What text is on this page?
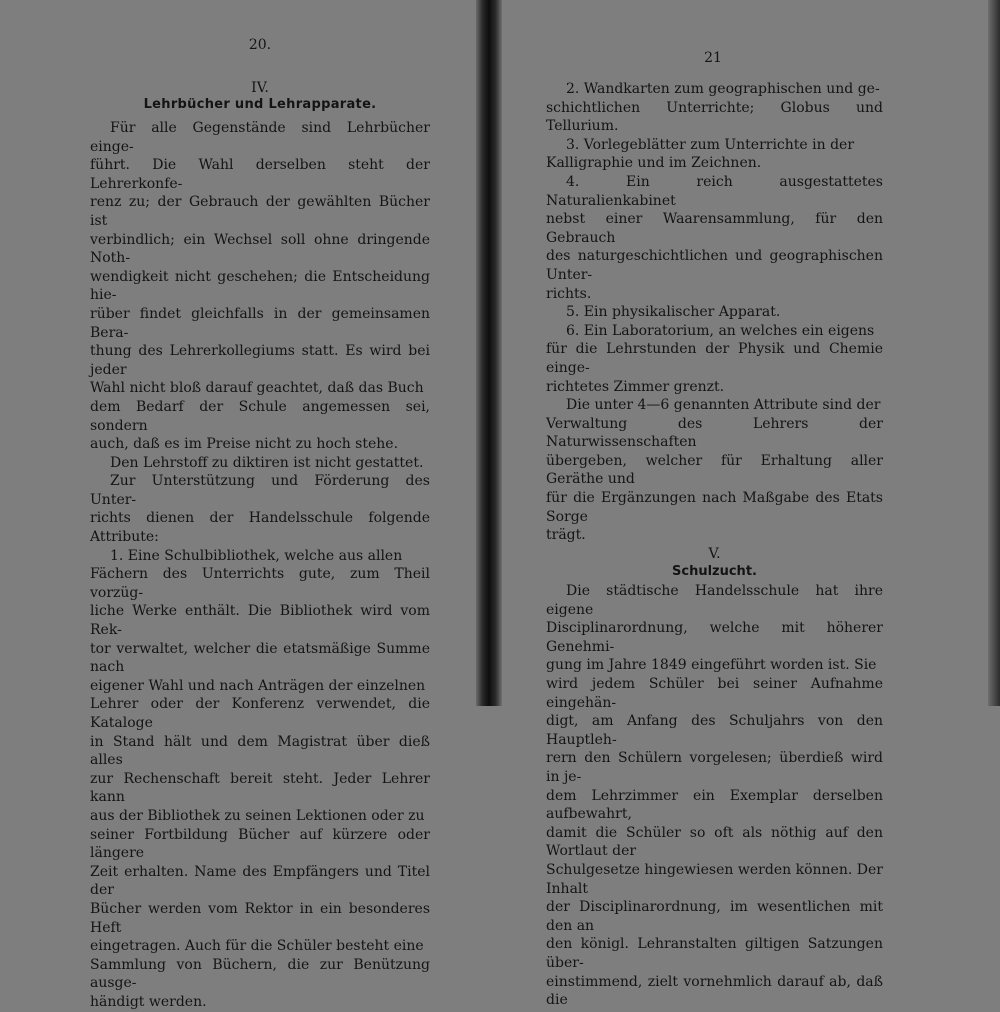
20.
IV.
Lehrbücher und Lehrapparate.

Für alle Gegenstände sind Lehrbücher einge-

führt. Die Wahl derselben steht der Lehrerkonfe-

renz zu; der Gebrauch der gewählten Bücher ist

verbindlich; ein Wechsel soll ohne dringende Noth-

wendigkeit nicht geschehen; die Entscheidung hie-

rüber findet gleichfalls in der gemeinsamen Bera-

thung des Lehrerkollegiums statt. Es wird bei jeder

Wahl nicht bloß darauf geachtet, daß das Buch

dem Bedarf der Schule angemessen sei, sondern

auch, daß es im Preise nicht zu hoch stehe.

Den Lehrstoff zu diktiren ist nicht gestattet.

Zur Unterstützung und Förderung des Unter-

richts dienen der Handelsschule folgende Attribute:

1. Eine Schulbibliothek, welche aus allen

Fächern des Unterrichts gute, zum Theil vorzüg-

liche Werke enthält. Die Bibliothek wird vom Rek-

tor verwaltet, welcher die etatsmäßige Summe nach

eigener Wahl und nach Anträgen der einzelnen

Lehrer oder der Konferenz verwendet, die Kataloge

in Stand hält und dem Magistrat über dieß alles

zur Rechenschaft bereit steht. Jeder Lehrer kann

aus der Bibliothek zu seinen Lektionen oder zu

seiner Fortbildung Bücher auf kürzere oder längere

Zeit erhalten. Name des Empfängers und Titel der

Bücher werden vom Rektor in ein besonderes Heft

eingetragen. Auch für die Schüler besteht eine

Sammlung von Büchern, die zur Benützung ausge-

händigt werden.

21

2. Wandkarten zum geographischen und ge-

schichtlichen Unterrichte; Globus und Tellurium.

3. Vorlegeblätter zum Unterrichte in der

Kalligraphie und im Zeichnen.

4. Ein reich ausgestattetes Naturalienkabinet

nebst einer Waarensammlung, für den Gebrauch

des naturgeschichtlichen und geographischen Unter-

richts.

5. Ein physikalischer Apparat.

6. Ein Laboratorium, an welches ein eigens

für die Lehrstunden der Physik und Chemie einge-

richtetes Zimmer grenzt.

Die unter 4—6 genannten Attribute sind der

Verwaltung des Lehrers der Naturwissenschaften

übergeben, welcher für Erhaltung aller Geräthe und

für die Ergänzungen nach Maßgabe des Etats Sorge

trägt.

V.

Schulzucht.

Die städtische Handelsschule hat ihre eigene

Disciplinarordnung, welche mit höherer Genehmi-

gung im Jahre 1849 eingeführt worden ist. Sie

wird jedem Schüler bei seiner Aufnahme eingehän-

digt, am Anfang des Schuljahrs von den Hauptleh-

rern den Schülern vorgelesen; überdieß wird in je-

dem Lehrzimmer ein Exemplar derselben aufbewahrt,

damit die Schüler so oft als nöthig auf den Wortlaut der

Schulgesetze hingewiesen werden können. Der Inhalt

der Disciplinarordnung, im wesentlichen mit den an

den königl. Lehranstalten giltigen Satzungen über-

einstimmend, zielt vornehmlich darauf ab, daß die
